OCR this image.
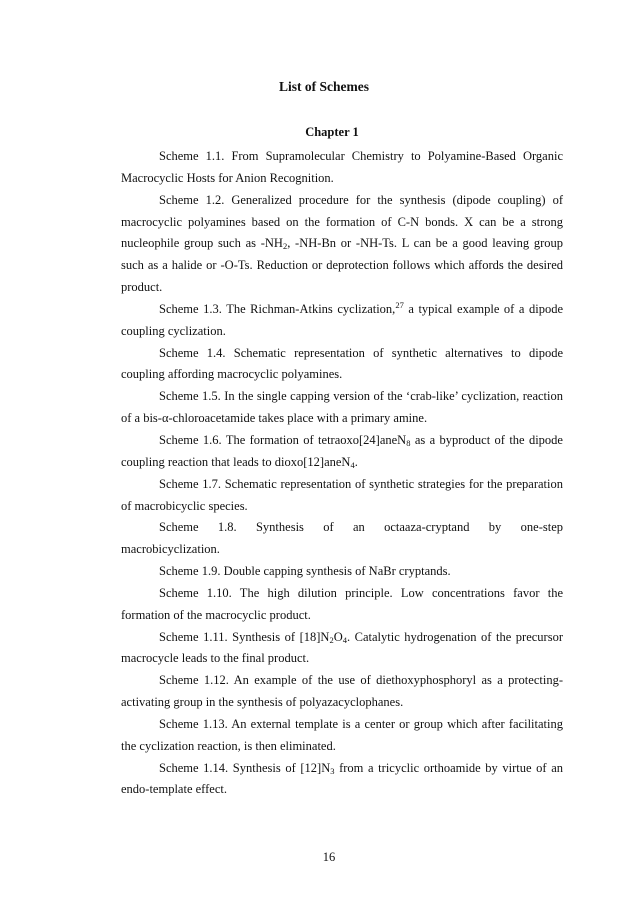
List of Schemes
Chapter 1

Scheme 1.1. From Supramolecular Chemistry to Polyamine-Based Organic Macrocyclic Hosts for Anion Recognition.

Scheme 1.2. Generalized procedure for the synthesis (dipode coupling) of macrocyclic polyamines based on the formation of C-N bonds. X can be a strong nucleophile group such as $-NH_2$, -NH-Bn or -NH-Ts. L can be a good leaving group such as a halide or -O-Ts. Reduction or deprotection follows which affords the desired product.

Scheme 1.3. The Richman-Atkins cyclization,$^{27}$ a typical example of a dipode coupling cyclization.

Scheme 1.4. Schematic representation of synthetic alternatives to dipode coupling affording macrocyclic polyamines.

Scheme 1.5. In the single capping version of the ‘crab-like’ cyclization, reaction of a bis-α-chloroacetamide takes place with a primary amine.

Scheme 1.6. The formation of tetraoxo[24]aneN$_8$ as a byproduct of the dipode coupling reaction that leads to dioxo[12]aneN$_4$.

Scheme 1.7. Schematic representation of synthetic strategies for the preparation of macrobicyclic species.

Scheme 1.8. Synthesis of an octaaza-cryptand by one-step
macrobicyclization.

Scheme 1.9. Double capping synthesis of NaBr cryptands.

Scheme 1.10. The high dilution principle. Low concentrations favor the formation of the macrocyclic product.

Scheme 1.11. Synthesis of $[18]N_2O_4$. Catalytic hydrogenation of the precursor macrocycle leads to the final product.

Scheme 1.12. An example of the use of diethoxyphosphoryl as a protecting-activating group in the synthesis of polyazacyclophanes.

Scheme 1.13. An external template is a center or group which after facilitating the cyclization reaction, is then eliminated.

Scheme 1.14. Synthesis of $[12]N_3$ from a tricyclic orthoamide by virtue of an endo-template effect.

16
